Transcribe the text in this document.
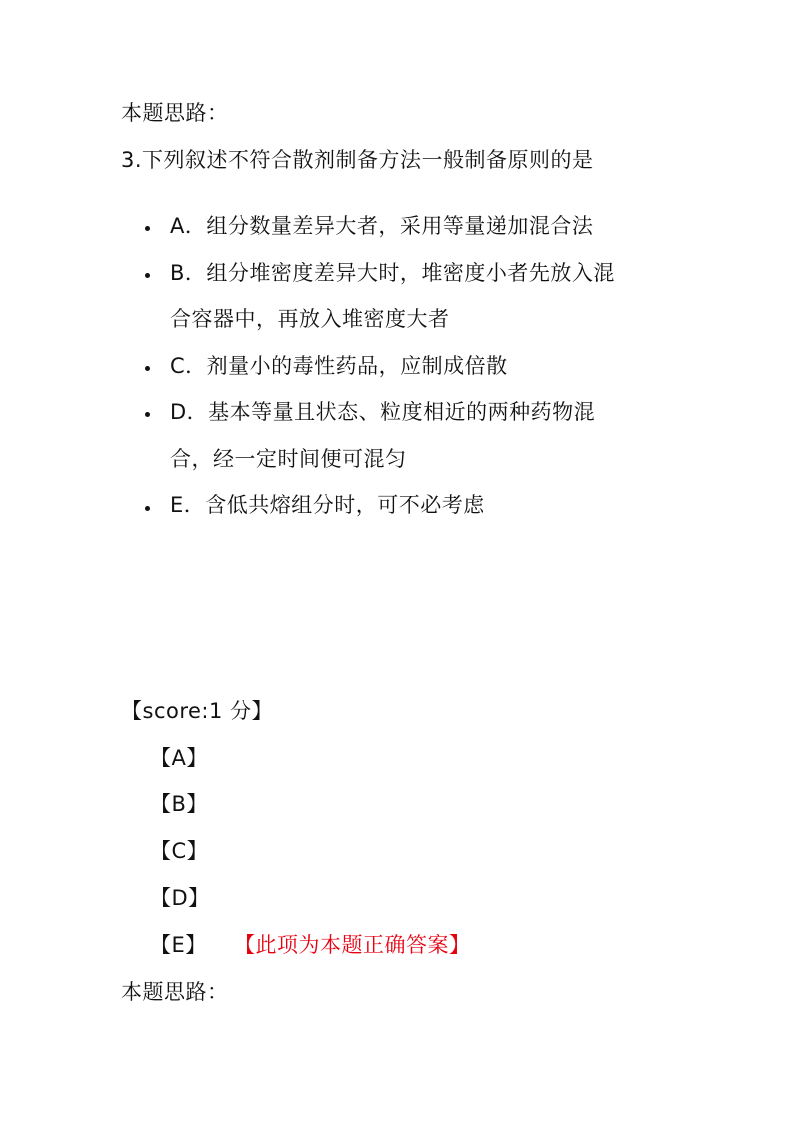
本题思路：
3.下列叙述不符合散剂制备方法一般制备原则的是
A．组分数量差异大者，采用等量递加混合法
B．组分堆密度差异大时，堆密度小者先放入混
合容器中，再放入堆密度大者
C．剂量小的毒性药品，应制成倍散
D．基本等量且状态、粒度相近的两种药物混
合，经一定时间便可混匀
E．含低共熔组分时，可不必考虑
【score:1 分】
【A】
【B】
【C】
【D】
【E】 【此项为本题正确答案】
本题思路：
